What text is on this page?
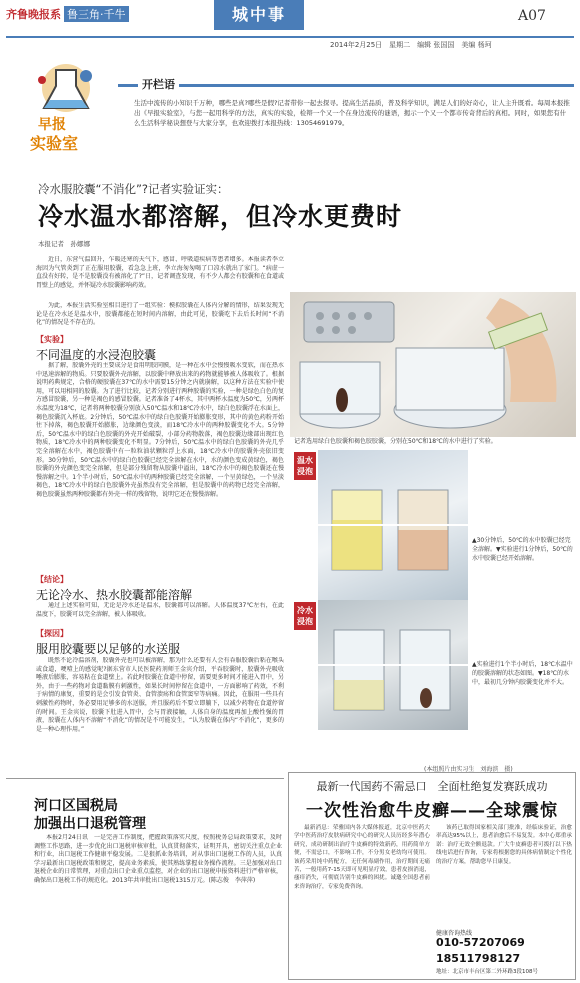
齐鲁晚报系 鲁三角·千牛	城中事	A07
2014年2月25日　星期二　编辑 张国国　美编 杨珂
早报
实验室
开栏语
生活中流传的小知识千万种，哪些是真?哪些是假?记者带你一起去探寻。提高生活品质，普及科学知识，满足人们的好奇心，让人主升既看。每周本报推出《早报实验室》，与您一起用科学的方法，真实的实验，检辩一个又一个在身边流传的谜语，揭示一个又一个都市传奇背后的真相。同时，如果您有什么生活科学秘诀想登与大家分享，也欢迎拨打本报热线：13054691979。
冷水服胶囊“不消化”?记者实验证实：
冷水温水都溶解，但冷水更费时
本报记者　孙娜娜
近日，东营气温回升，乍暖还寒的天气下，感冒、呼吸道疾病等患者增多。本报读者李立海因为气管炎到了正在服用胶囊，看急急上班，李立海匆匆喝了口凉水就出了家门。“病虚一直没有好转，是不是胶囊没有被溶化了?”日，记者调查发现，有不少人都会有胶囊和在食道或胃壁上的感觉，并怀疑冷水胶囊影响药效。
为此，本报生活实验室相目进行了一组实验：模拟胶囊在人体内分解的情形，结果发现无论是在冷水还是温水中，胶囊都能在短时间内溶解，由此可见，胶囊吃下去后长时间“不消化”的情况是不存在的。
【实验】
不同温度的水浸泡胶囊
据了解，胶囊外壳的主要成分是食用明胶同膜，是一种在水中会慢慢吸水变软，而在热水中迅速溶解的物质。只要胶囊外壳溶解，以胶囊中释放出来的药物就能够被人体吸收了。根据说明药典规定，合格的硬胶囊在37℃的水中需要15分钟之内就崩解，以这种方法在实验中使用，可以用相同的胶囊。为了进行比较，记者分别进行两种胶囊的实验，一种是绿色白色的复方感冒胶囊，另一种是褐色的感冒胶囊。记者准备了4杯水，其中两杯水温度为50℃，另两杯水温度为18℃，记者将两种胶囊分别放入50℃温水和18℃冷水中，绿白色胶囊浮在水面上，褐色胶囊沉入杯底。2分钟后，50℃温水中的绿白色胶囊开始膨胀变形，其中的黄色药粉开始往下掉落，褐色胶囊开始膨胀，边缘颜色变淡，而18℃冷水中的两种胶囊变化不大。5分钟后，50℃温水中的绿白色胶囊的外壳开始破裂，小部分药物散落，褐色胶囊边缘部出现红色物质，18℃冷水中的两种胶囊变化不明显。7分钟后，50℃温水中的绿白色胶囊的外壳几乎完全溶解在水中，褐色胶囊中有一粒粒油状颗粒浮上水面，18℃冷水中的胶囊外壳依旧变形。30分钟后，50℃温水中的绿白色胶囊已经完全溶解在水中，水的颜色变成黄绿色，褐色胶囊的外壳颜色变完全溶解，但是部分残留物从胶囊中溢出，18℃冷水中的褐色胶囊还在慢慢溶解之中。1个半小时后，50℃温水中的两种胶囊已经完全溶解，一个呈黄绿色，一个呈淡褐色，18℃冷水中的绿白色胶囊外壳虽然没有完全溶解，但是胶囊中的药物已经完全溶解，褐色胶囊虽然两种胶囊都有外壳一样的残留物，说明它还在慢慢溶解。
【结论】
无论冷水、热水胶囊都能溶解
通过上述实验可知，无论是冷水还是温水，胶囊都可以溶解。人体温度37℃左右，在此温度下，胶囊可以完全溶解，被人体吸收。
【探因】
服用胶囊要以足够的水送服
既然不论冷温溶剂，胶囊外壳也可以被溶解，那为什么还要有人会有吞服胶囊后粘在喉头或食道，哽噎上的感觉呢?据东营市人民医院药剂师王金宾介绍，平吞胶囊时，胶囊外壳吸收唾液后膨胀，容易粘在食道壁上。若此时胶囊在食道中停留，需要更多时间才能进入胃中，另外，由于一些药物对食道黏膜有刺激性，如果长时间停留在食道中，一方面影响了药效，不利于病情的康复，重要的是会引发食管炎、食管溃疡和食管窦窄等病痛。因此，在服用一些具有刺激性药物时，务必要用足够多的水送服，并且服药后不要立即躺下，以减少药物在食道停留的时间。王金宾说，胶囊下肚进入胃中，会与胃液接触，人体自身的温度再加上酸性强的胃液，胶囊在人体内不溶解“不消化”的情况是不可能发生，“认为胶囊在体内“不消化”，更多的是一种心理作用。”
记者选用绿白色胶囊和褐色胶胶囊，分别在50℃和18℃的水中进行了实验。
温水
浸泡
▲30分钟后，50℃的水中胶囊已经完全溶解。▼实验进行1分钟后，50℃的水中胶囊已经开始溶解。
冷水
浸泡
▲实验进行1个半小时后，18℃水温中的胶囊溶解的状态如图。▼18℃的水中，最初几分钟内胶囊变化并不大。
(本组照片由实习生　刘海滨　摄)
河口区国税局
加强出口退税管理
本报2月24日讯　一是完善工作制度，把握政策落实尺度，按照税务总局政策要求，及时调整工作思路，进一步优化出口退税审核审批，认真贯彻落实，证明开具，密切关注重点企业和行业，出口退税工作健康平稳发展。二是狠抓业务培训，对从事出口退税工作的人员，认真学习最新出口退税政策和规定，提高业务素质，使其熟练掌握业务操作流程。三是加强对出口退税企业的日常管理，对重点出口企业重点监控，对企业的出口退税申报资料进行严格审核，确保出口退税工作的规范化。2013年共审批出口退税1315万元。(陈志俊　李萍萍)
最新一代国药不需忌口　全面杜绝复发赛跃成功
一次性治愈牛皮癣——全球震惊
最新消息：荣雅国内各大媒体报道，北京中医药大学中医药治疗皮肤病研究中心的研究人员历经多年潜心研究，成功研制出治疗牛皮癣的特效新药，用药简单方便，不需忌口，不影响工作，不分男女老幼均可使用。该药采用纯中药配方，无任何毒副作用，治疗期间无痛苦，一般用药7-15天即可见明显疗效，患者皮损消退，瘙痒消失，可彻底告别牛皮癣的困扰。诚邀全国患者前来咨询治疗，专家免费咨询。
该药已取得国家相关部门批准，经临床验证，治愈率高达95%以上，患者治愈后不易复发。本中心郑重承诺：治疗无效全额退款。广大牛皮癣患者可拨打以下热线电话进行咨询，专家将根据您的具体病情制定个性化的治疗方案，帮助您早日康复。
健康咨询热线
010-57207069
18511798127
地址：北京市丰台区第二外环路3段108号
